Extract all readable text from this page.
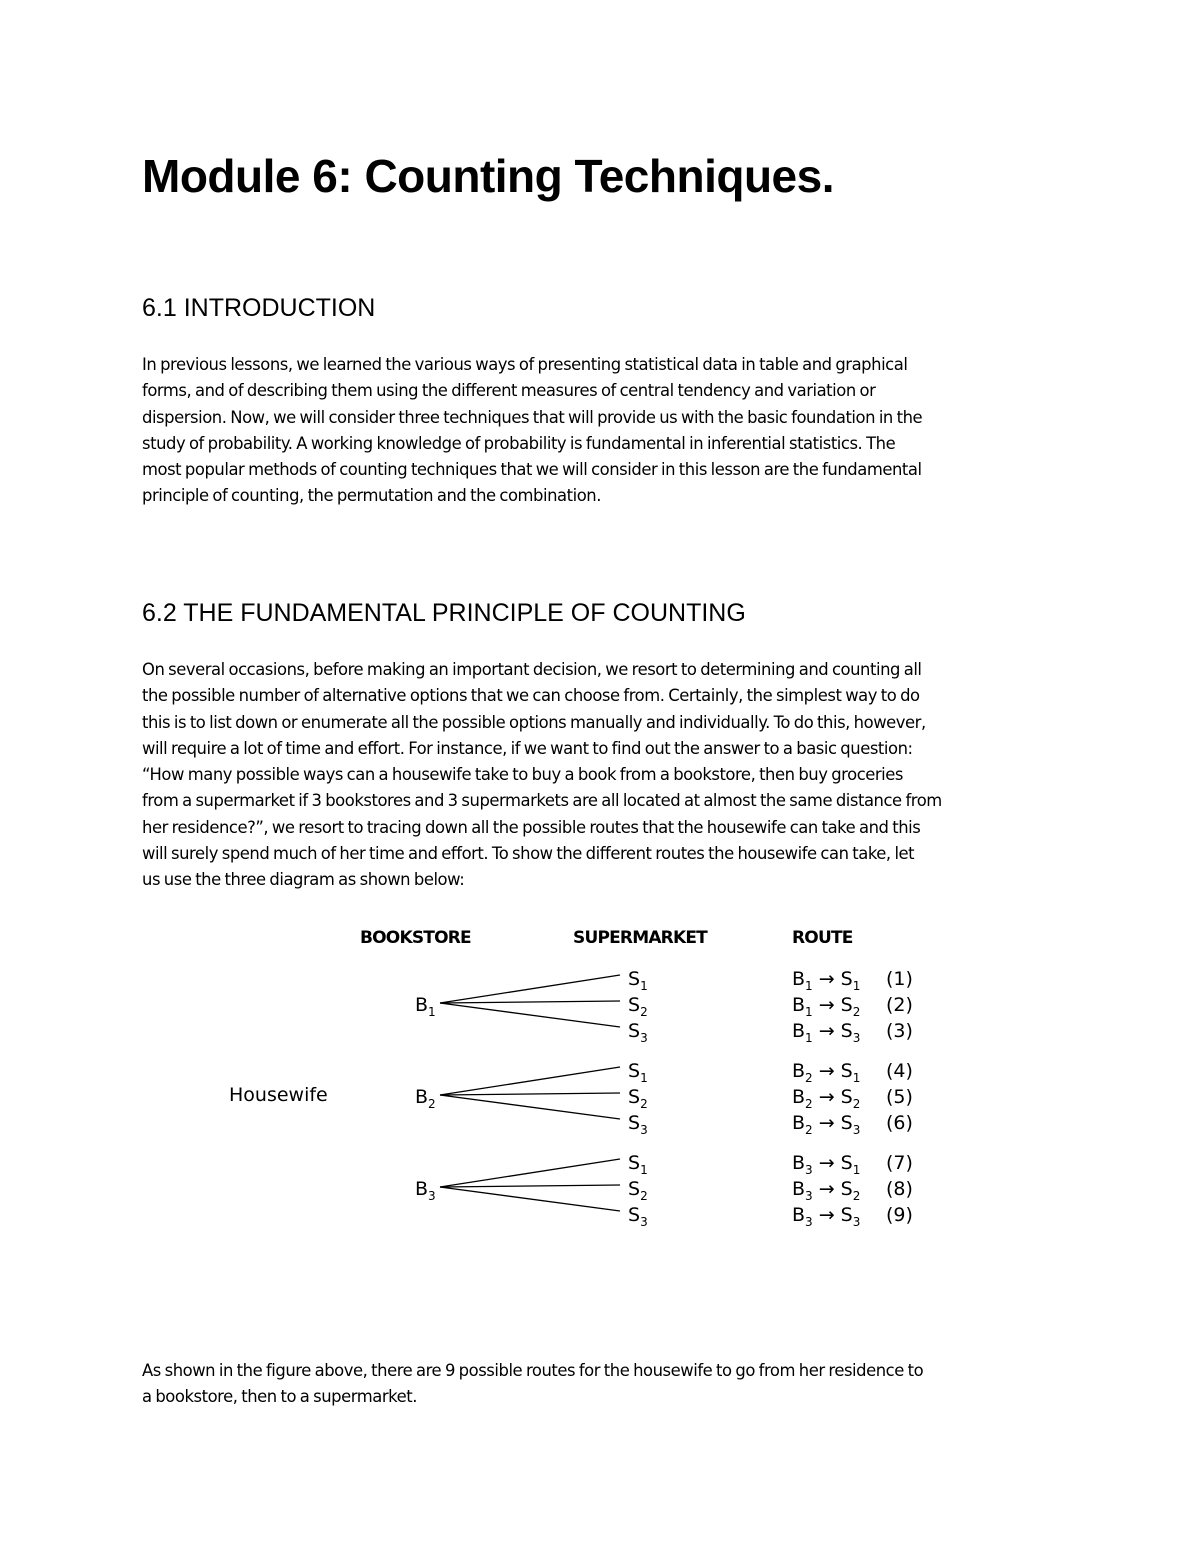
Module 6: Counting Techniques.
6.1 INTRODUCTION
In previous lessons, we learned the various ways of presenting statistical data in table and graphical
forms, and of describing them using the different measures of central tendency and variation or
dispersion. Now, we will consider three techniques that will provide us with the basic foundation in the
study of probability. A working knowledge of probability is fundamental in inferential statistics. The
most popular methods of counting techniques that we will consider in this lesson are the fundamental
principle of counting, the permutation and the combination.
6.2 THE FUNDAMENTAL PRINCIPLE OF COUNTING
On several occasions, before making an important decision, we resort to determining and counting all
the possible number of alternative options that we can choose from. Certainly, the simplest way to do
this is to list down or enumerate all the possible options manually and individually. To do this, however,
will require a lot of time and effort. For instance, if we want to find out the answer to a basic question:
“How many possible ways can a housewife take to buy a book from a bookstore, then buy groceries
from a supermarket if 3 bookstores and 3 supermarkets are all located at almost the same distance from
her residence?”, we resort to tracing down all the possible routes that the housewife can take and this
will surely spend much of her time and effort. To show the different routes the housewife can take, let
us use the three diagram as shown below:
BOOKSTORE	SUPERMARKET	ROUTE
Housewife
$B_1$
$S_1$	$B_1 \to S_1$ (1)
$S_2$	$B_1 \to S_2$ (2)
$S_3$	$B_1 \to S_3$ (3)
$B_2$
$S_1$	$B_2 \to S_1$ (4)
$S_2$	$B_2 \to S_2$ (5)
$S_3$	$B_2 \to S_3$ (6)
$B_3$
$S_1$	$B_3 \to S_1$ (7)
$S_2$	$B_3 \to S_2$ (8)
$S_3$	$B_3 \to S_3$ (9)
As shown in the figure above, there are 9 possible routes for the housewife to go from her residence to
a bookstore, then to a supermarket.
